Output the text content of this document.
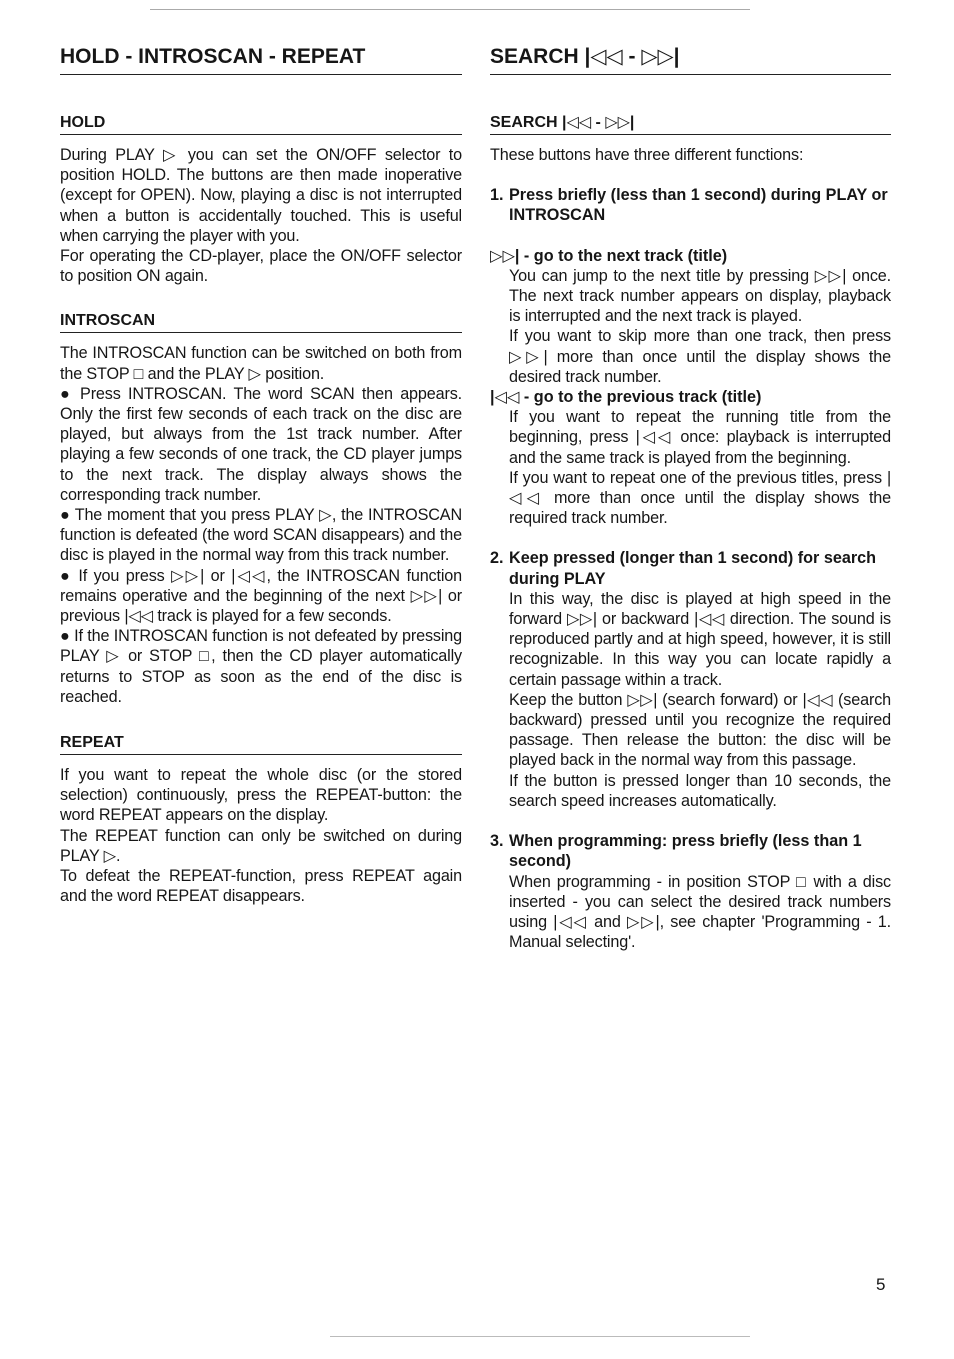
HOLD - INTROSCAN - REPEAT
HOLD

During PLAY ▷ you can set the ON/OFF selector to position HOLD. The buttons are then made inoperative (except for OPEN). Now, playing a disc is not interrupted when a button is accidentally touched. This is useful when carrying the player with you.

For operating the CD-player, place the ON/OFF selector to position ON again.

INTROSCAN

The INTROSCAN function can be switched on both from the STOP □ and the PLAY ▷ position.

● Press INTROSCAN. The word SCAN then appears. Only the first few seconds of each track on the disc are played, but always from the 1st track number. After playing a few seconds of one track, the CD player jumps to the next track. The display always shows the corresponding track number.

● The moment that you press PLAY ▷, the INTROSCAN function is defeated (the word SCAN disappears) and the disc is played in the normal way from this track number.

● If you press ▷▷| or |◁◁, the INTROSCAN function remains operative and the beginning of the next ▷▷| or previous |◁◁ track is played for a few seconds.

● If the INTROSCAN function is not defeated by pressing PLAY ▷ or STOP □, then the CD player automatically returns to STOP as soon as the end of the disc is reached.

REPEAT

If you want to repeat the whole disc (or the stored selection) continuously, press the REPEAT-button: the word REPEAT appears on the display.

The REPEAT function can only be switched on during PLAY ▷.

To defeat the REPEAT-function, press REPEAT again and the word REPEAT disappears.

SEARCH |◁◁ - ▷▷|
SEARCH |◁◁ - ▷▷|

These buttons have three different functions:

1. Press briefly (less than 1 second) during PLAY or INTROSCAN

▷▷| - go to the next track (title)

You can jump to the next title by pressing ▷▷| once. The next track number appears on display, playback is interrupted and the next track is played.

If you want to skip more than one track, then press ▷▷| more than once until the display shows the desired track number.

|◁◁ - go to the previous track (title)

If you want to repeat the running title from the beginning, press |◁◁ once: playback is interrupted and the same track is played from the beginning.

If you want to repeat one of the previous titles, press |◁◁ more than once until the display shows the required track number.

2. Keep pressed (longer than 1 second) for search during PLAY

In this way, the disc is played at high speed in the forward ▷▷| or backward |◁◁ direction. The sound is reproduced partly and at high speed, however, it is still recognizable. In this way you can locate rapidly a certain passage within a track.

Keep the button ▷▷| (search forward) or |◁◁ (search backward) pressed until you recognize the required passage. Then release the button: the disc will be played back in the normal way from this passage.

If the button is pressed longer than 10 seconds, the search speed increases automatically.

3. When programming: press briefly (less than 1 second)

When programming - in position STOP □ with a disc inserted - you can select the desired track numbers using |◁◁ and ▷▷|, see chapter 'Programming - 1. Manual selecting'.

5
